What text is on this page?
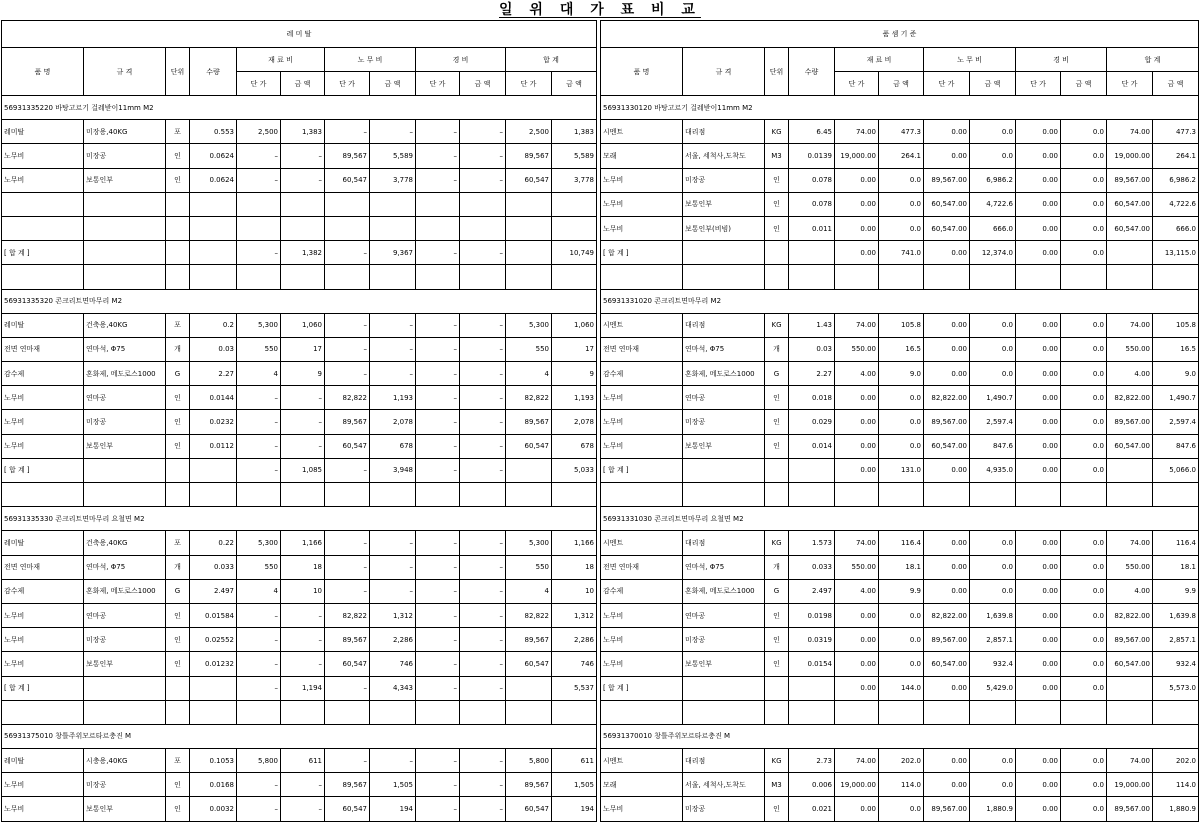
일 위 대 가 표 비 교
레 미 탈											
품 명	규 격	단위	수량	재 료 비		노 무 비		경 비		합 계	
				단 가	금 액	단 가	금 액	단 가	금 액	단 가	금 액
56931335220 바탕고르기 걸레받이11mm M2											
레미탈	미장용,40KG	포	0.553	2,500	1,383	–	–	–	–	2,500	1,383
노무비	미장공	인	0.0624	–	–	89,567	5,589	–	–	89,567	5,589
노무비	보통인부	인	0.0624	–	–	60,547	3,778	–	–	60,547	3,778

[ 합 계 ]				–	1,382	–	9,367	–	–		10,749

56931335320 콘크리트면마무리 M2											
레미탈	건축용,40KG	포	0.2	5,300	1,060	–	–	–	–	5,300	1,060
전면 연마재	연마석, Φ75	개	0.03	550	17	–	–	–	–	550	17
감수제	혼화제, 메도로스1000	G	2.27	4	9	–	–	–	–	4	9
노무비	연마공	인	0.0144	–	–	82,822	1,193	–	–	82,822	1,193
노무비	미장공	인	0.0232	–	–	89,567	2,078	–	–	89,567	2,078
노무비	보통인부	인	0.0112	–	–	60,547	678	–	–	60,547	678
[ 합 계 ]				–	1,085	–	3,948	–	–		5,033

56931335330 콘크리트면마무리 요철면 M2											
레미탈	건축용,40KG	포	0.22	5,300	1,166	–	–	–	–	5,300	1,166
전면 연마재	연마석, Φ75	개	0.033	550	18	–	–	–	–	550	18
감수제	혼화제, 메도로스1000	G	2.497	4	10	–	–	–	–	4	10
노무비	연마공	인	0.01584	–	–	82,822	1,312	–	–	82,822	1,312
노무비	미장공	인	0.02552	–	–	89,567	2,286	–	–	89,567	2,286
노무비	보통인부	인	0.01232	–	–	60,547	746	–	–	60,547	746
[ 합 계 ]				–	1,194	–	4,343	–	–		5,537

56931375010 창틀주위모르타르충진 M											
레미탈	시충용,40KG	포	0.1053	5,800	611	–	–	–	–	5,800	611
노무비	미장공	인	0.0168	–	–	89,567	1,505	–	–	89,567	1,505
노무비	보통인부	인	0.0032	–	–	60,547	194	–	–	60,547	194
품 셈 기 준											
품 명	규 격	단위	수량	재 료 비		노 무 비		경 비		합 계	
				단 가	금 액	단 가	금 액	단 가	금 액	단 가	금 액
56931330120 바탕고르기 걸레받이11mm M2											
시멘트	대리점	KG	6.45	74.00	477.3	0.00	0.0	0.00	0.0	74.00	477.3
모래	서울, 세척사,도착도	M3	0.0139	19,000.00	264.1	0.00	0.0	0.00	0.0	19,000.00	264.1
노무비	미장공	인	0.078	0.00	0.0	89,567.00	6,986.2	0.00	0.0	89,567.00	6,986.2
노무비	보통인부	인	0.078	0.00	0.0	60,547.00	4,722.6	0.00	0.0	60,547.00	4,722.6
노무비	보통인부(비빔)	인	0.011	0.00	0.0	60,547.00	666.0	0.00	0.0	60,547.00	666.0
[ 합 계 ]				0.00	741.0	0.00	12,374.0	0.00	0.0		13,115.0

56931331020 콘크리트면마무리 M2											
시멘트	대리점	KG	1.43	74.00	105.8	0.00	0.0	0.00	0.0	74.00	105.8
전면 연마재	연마석, Φ75	개	0.03	550.00	16.5	0.00	0.0	0.00	0.0	550.00	16.5
감수제	혼화제, 메도로스1000	G	2.27	4.00	9.0	0.00	0.0	0.00	0.0	4.00	9.0
노무비	연마공	인	0.018	0.00	0.0	82,822.00	1,490.7	0.00	0.0	82,822.00	1,490.7
노무비	미장공	인	0.029	0.00	0.0	89,567.00	2,597.4	0.00	0.0	89,567.00	2,597.4
노무비	보통인부	인	0.014	0.00	0.0	60,547.00	847.6	0.00	0.0	60,547.00	847.6
[ 합 계 ]				0.00	131.0	0.00	4,935.0	0.00	0.0		5,066.0

56931331030 콘크리트면마무리 요철면 M2											
시멘트	대리점	KG	1.573	74.00	116.4	0.00	0.0	0.00	0.0	74.00	116.4
전면 연마재	연마석, Φ75	개	0.033	550.00	18.1	0.00	0.0	0.00	0.0	550.00	18.1
감수제	혼화제, 메도로스1000	G	2.497	4.00	9.9	0.00	0.0	0.00	0.0	4.00	9.9
노무비	연마공	인	0.0198	0.00	0.0	82,822.00	1,639.8	0.00	0.0	82,822.00	1,639.8
노무비	미장공	인	0.0319	0.00	0.0	89,567.00	2,857.1	0.00	0.0	89,567.00	2,857.1
노무비	보통인부	인	0.0154	0.00	0.0	60,547.00	932.4	0.00	0.0	60,547.00	932.4
[ 합 계 ]				0.00	144.0	0.00	5,429.0	0.00	0.0		5,573.0

56931370010 창틀주위모르타르충진 M											
시멘트	대리점	KG	2.73	74.00	202.0	0.00	0.0	0.00	0.0	74.00	202.0
모래	서울, 세척사,도착도	M3	0.006	19,000.00	114.0	0.00	0.0	0.00	0.0	19,000.00	114.0
노무비	미장공	인	0.021	0.00	0.0	89,567.00	1,880.9	0.00	0.0	89,567.00	1,880.9
